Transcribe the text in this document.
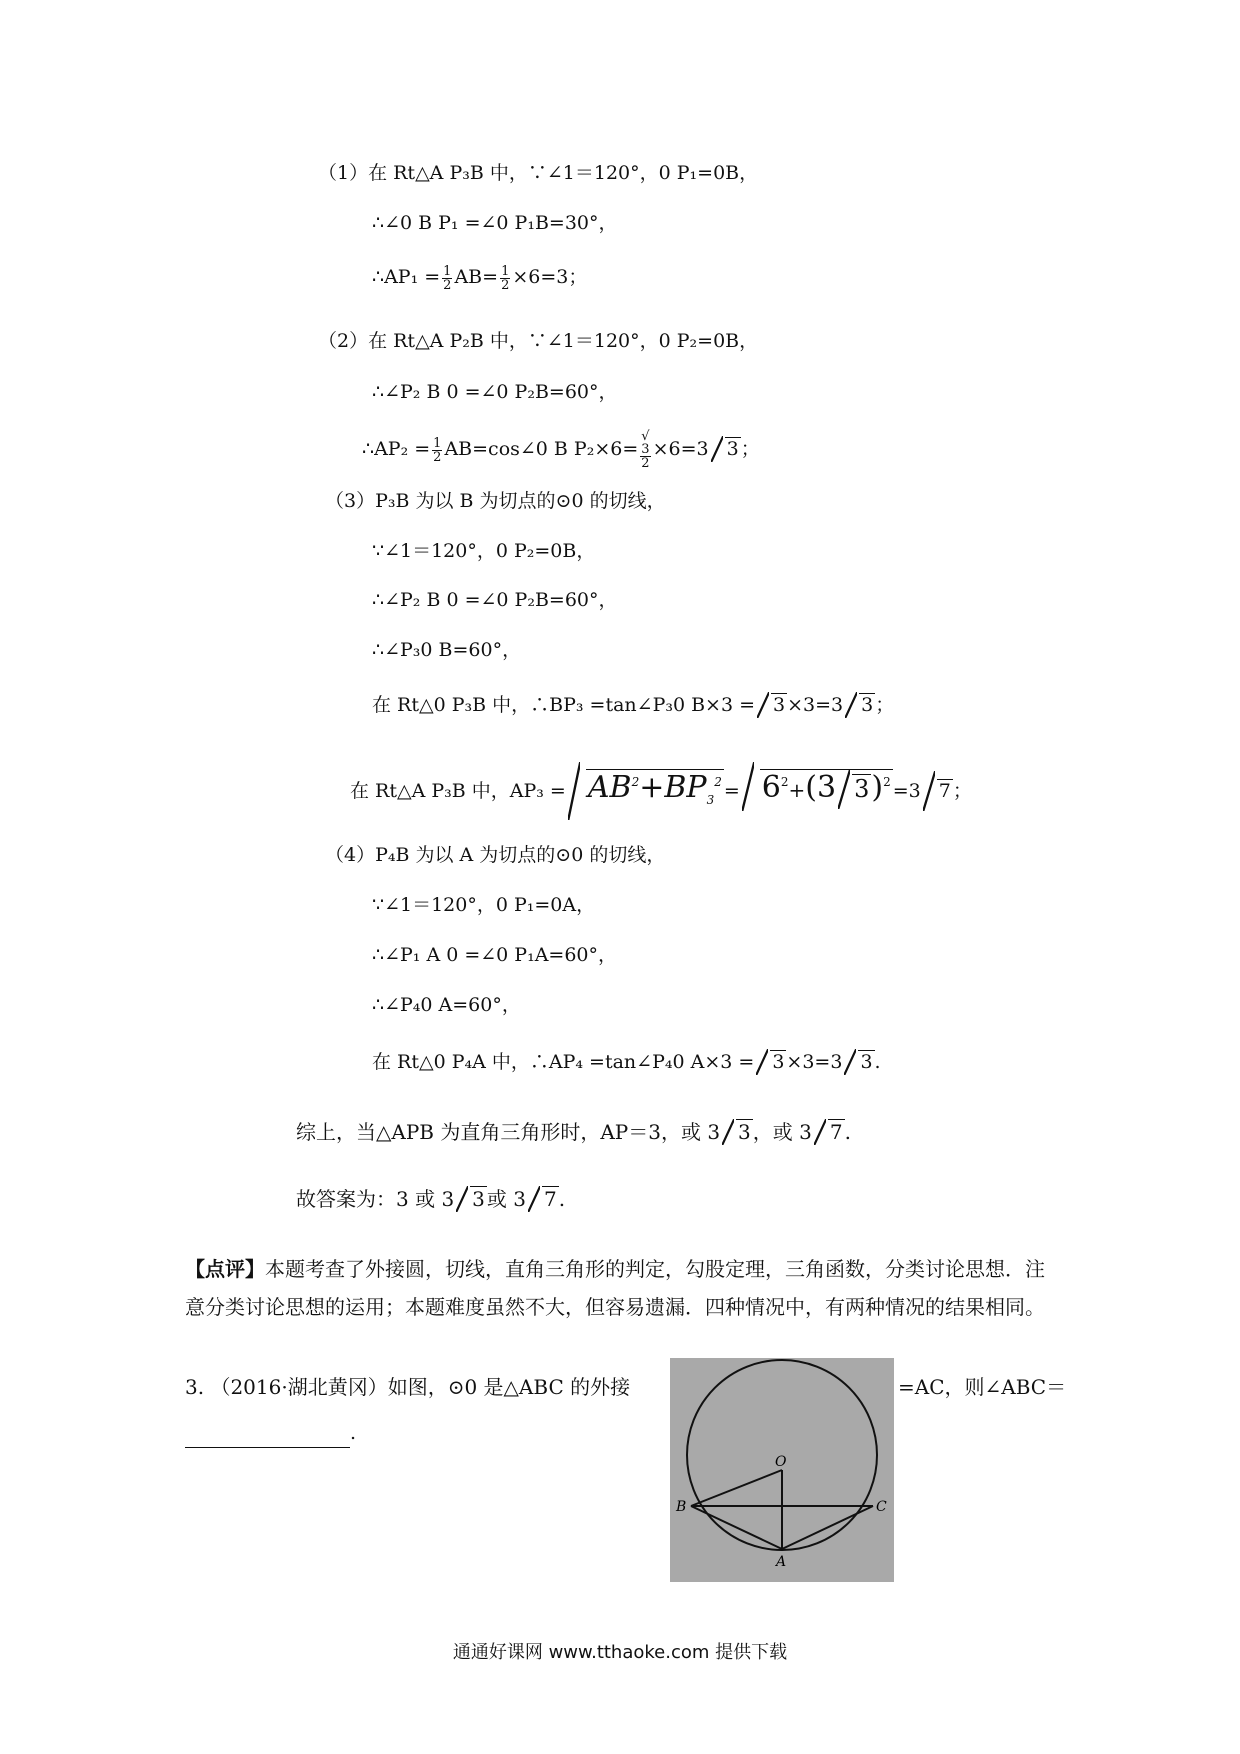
（1）在 Rt△A P₃B 中，∵∠1＝120°，0 P₁=0B，
∴∠0 B P₁ =∠0 P₁B=30°，
∴AP₁ = $\frac{1}{2} AB= \frac{1}{2} \times 6=3$；
（2）在 Rt△A P₂B 中，∵∠1＝120°，0 P₂=0B，
∴∠P₂ B 0 =∠0 P₂B=60°，
∴AP₂ = $\frac{1}{2}$ AB=cos∠0 B P₂×6= √
3
2 ×6=3 3 ；
（3）P₃B 为以 B 为切点的⊙0 的切线，
∵∠1＝120°，0 P₂=0B，
∴∠P₂ B 0 =∠0 P₂B=60°，
∴∠P₃0 B=60°，
在 Rt△0 P₃B 中，∴BP₃ =tan∠P₃0 B×3 = 3 ×3=3 3 ；
在 Rt△A P₃B 中，$AP_3 = AB^2+BP_3^2 = 6^2+(3$ 3)$^2$ =3 7 ；
（4）P₄B 为以 A 为切点的⊙0 的切线，
∵∠1＝120°，0 P₁=0A，
∴∠P₁ A 0 =∠0 P₁A=60°，
∴∠P₄0 A=60°，
在 Rt△0 P₄A 中，∴AP₄ =tan∠P₄0 A×3 = 3 ×3=3 3 .
综上，当△APB 为直角三角形时，AP＝3，或 3 3 ，或 3 7 .
故答案为：3 或 3 3 或 3 7 .
【点评】本题考查了外接圆，切线，直角三角形的判定，勾股定理，三角函数，分类讨论思想．注意分类讨论思想的运用；本题难度虽然不大，但容易遗漏．四种情况中，有两种情况的结果相同。
3. （2016·湖北黄冈）如图，⊙0 是△ABC 的外接	=AC，则∠ABC＝
.
O
B	C
A
通通好课网 www.tthaoke.com 提供下载
